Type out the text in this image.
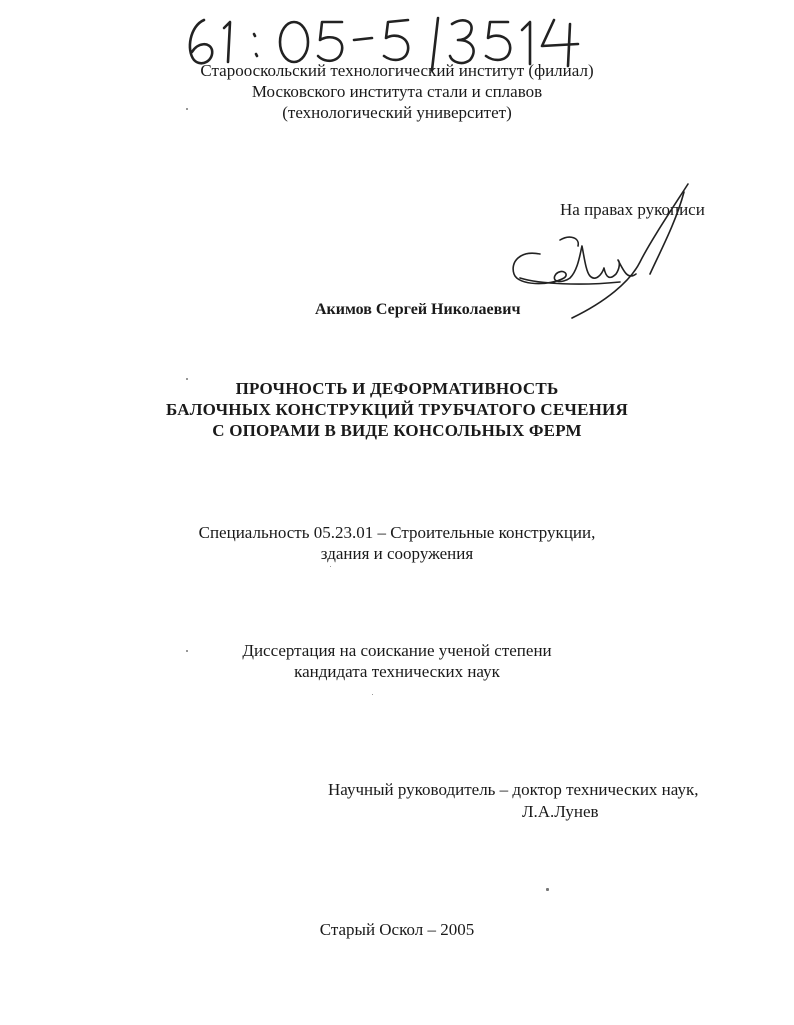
Старооскольский технологический институт (филиал)
Московского института стали и сплавов
(технологический университет)
На правах рукописи
Акимов Сергей Николаевич
ПРОЧНОСТЬ И ДЕФОРМАТИВНОСТЬ
БАЛОЧНЫХ КОНСТРУКЦИЙ ТРУБЧАТОГО СЕЧЕНИЯ
С ОПОРАМИ В ВИДЕ КОНСОЛЬНЫХ ФЕРМ
Специальность 05.23.01 – Строительные конструкции,
здания и сооружения
Диссертация на соискание ученой степени
кандидата технических наук
Научный руководитель – доктор технических наук,
Л.А.Лунев
Старый Оскол – 2005
